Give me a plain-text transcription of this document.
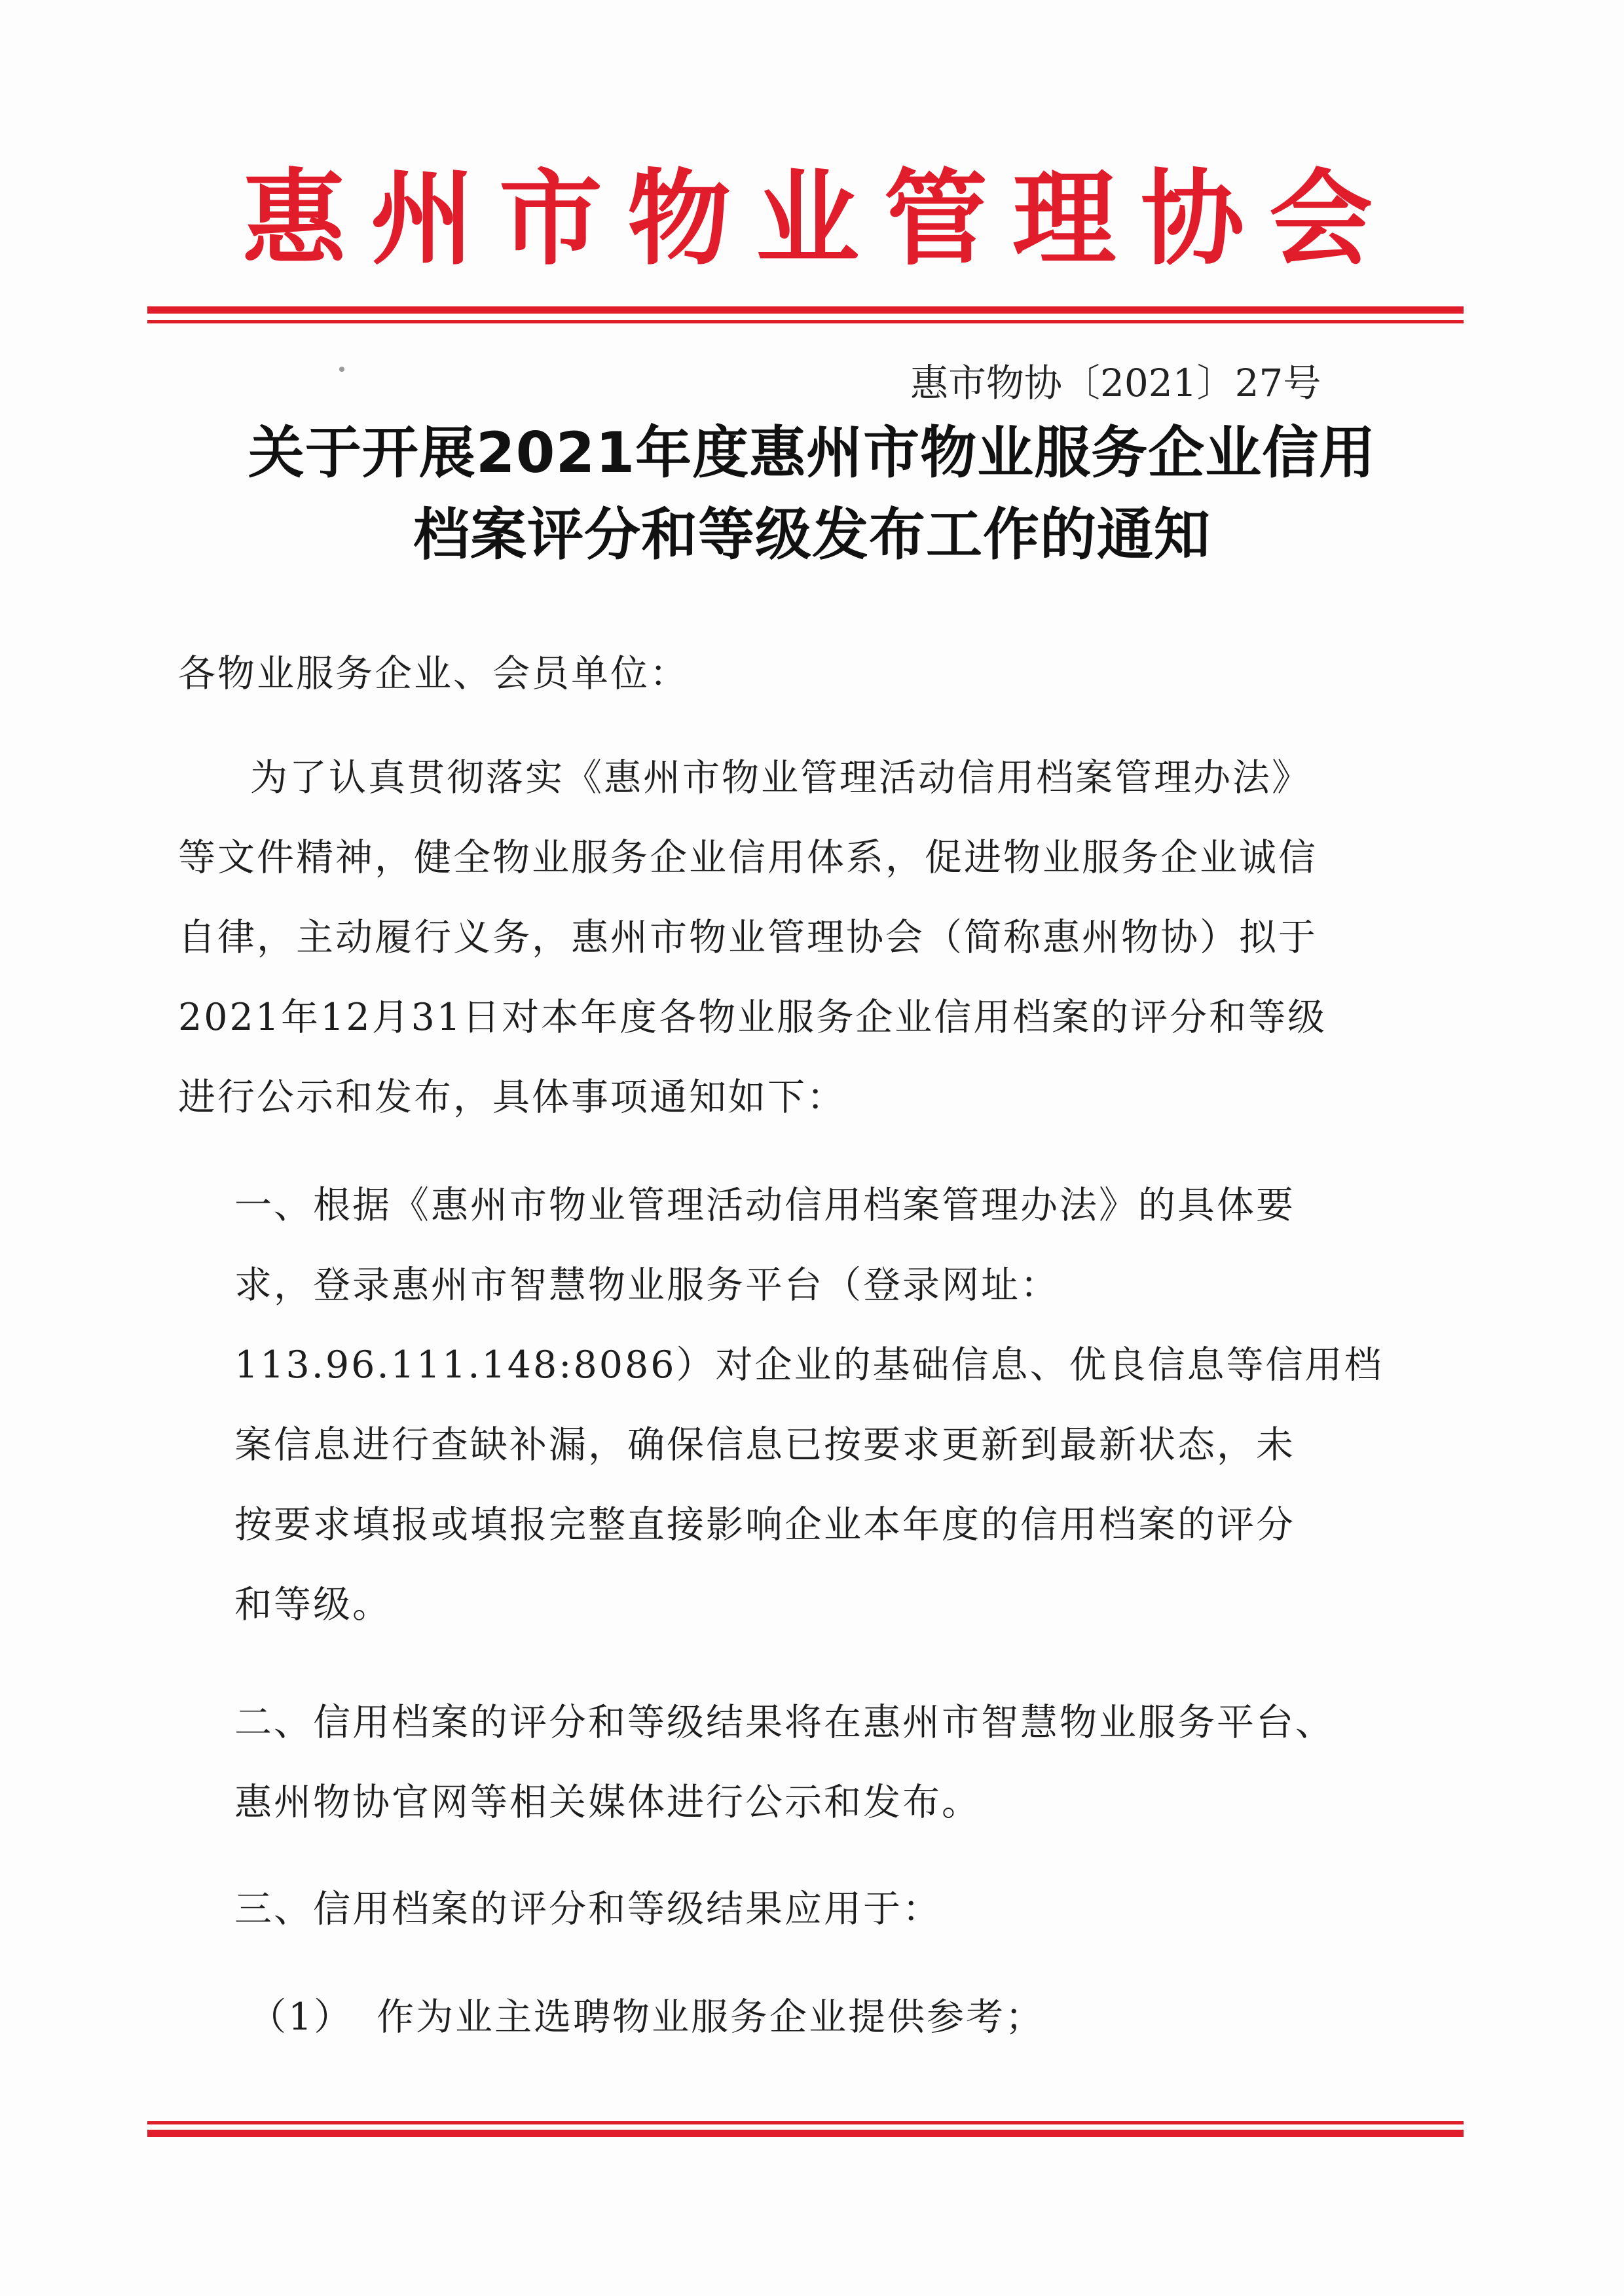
惠州市物业管理协会
惠市物协〔2021〕27号
关于开展2021年度惠州市物业服务企业信用
档案评分和等级发布工作的通知
各物业服务企业、会员单位：
为了认真贯彻落实《惠州市物业管理活动信用档案管理办法》
等文件精神，健全物业服务企业信用体系，促进物业服务企业诚信
自律，主动履行义务，惠州市物业管理协会（简称惠州物协）拟于
2021年12月31日对本年度各物业服务企业信用档案的评分和等级
进行公示和发布，具体事项通知如下：
一、根据《惠州市物业管理活动信用档案管理办法》的具体要
求，登录惠州市智慧物业服务平台（登录网址：
113.96.111.148:8086）对企业的基础信息、优良信息等信用档
案信息进行查缺补漏，确保信息已按要求更新到最新状态，未
按要求填报或填报完整直接影响企业本年度的信用档案的评分
和等级。
二、信用档案的评分和等级结果将在惠州市智慧物业服务平台、
惠州物协官网等相关媒体进行公示和发布。
三、信用档案的评分和等级结果应用于：
（1） 作为业主选聘物业服务企业提供参考；
